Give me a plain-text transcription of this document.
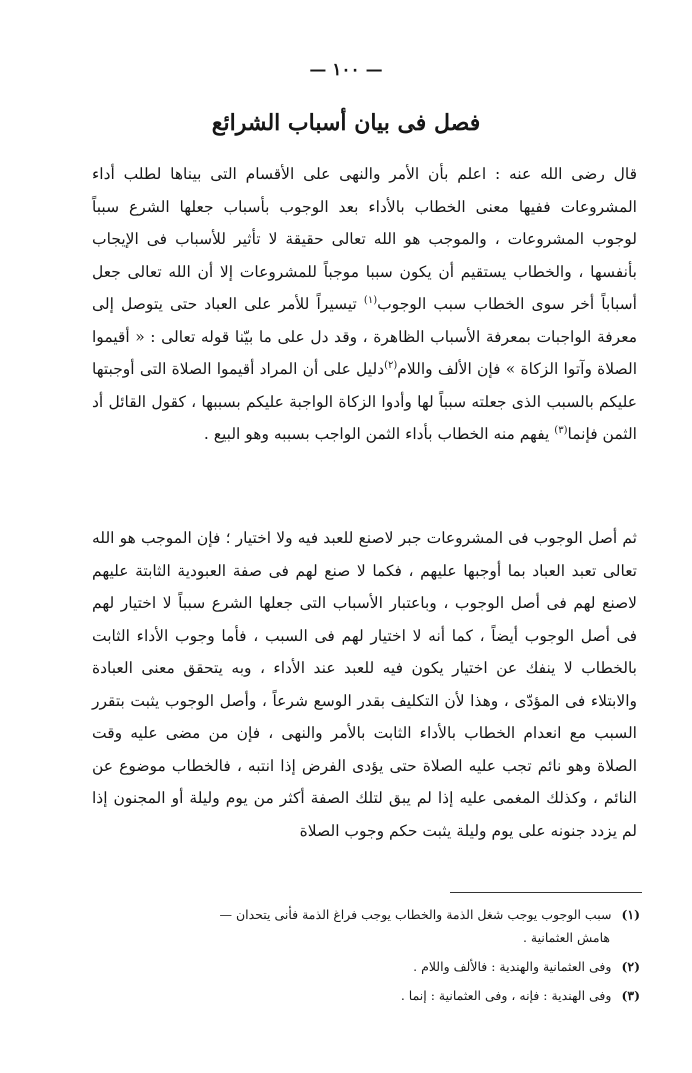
— ١٠٠ —
فصل فى بيان أسباب الشرائع
قال رضى الله عنه : اعلم بأن الأمر والنهى على الأقسام التى بيناها لطلب أداء المشروعات ففيها معنى الخطاب بالأداء بعد الوجوب بأسباب جعلها الشرع سبباً لوجوب المشروعات ، والموجب هو الله تعالى حقيقة لا تأثير للأسباب فى الإيجاب بأنفسها ، والخطاب يستقيم أن يكون سببا موجباً للمشروعات إلا أن الله تعالى جعل أسباباً أخر سوى الخطاب سبب الوجوب$^{(١)}$ تيسيراً للأمر على العباد حتى يتوصل إلى معرفة الواجبات بمعرفة الأسباب الظاهرة ، وقد دل على ما بيّنا قوله تعالى : « أقيموا الصلاة وآتوا الزكاة » فإن الألف واللام$^{(٢)}$دليل على أن المراد أقيموا الصلاة التى أوجبتها عليكم بالسبب الذى جعلته سبباً لها وأدوا الزكاة الواجبة عليكم بسببها ، كقول القائل أد الثمن فإنما$^{(٣)}$ يفهم منه الخطاب بأداء الثمن الواجب بسببه وهو البيع .
ثم أصل الوجوب فى المشروعات جبر لاصنع للعبد فيه ولا اختيار ؛ فإن الموجب هو الله تعالى تعبد العباد بما أوجبها عليهم ، فكما لا صنع لهم فى صفة العبودية الثابتة عليهم لاصنع لهم فى أصل الوجوب ، وباعتبار الأسباب التى جعلها الشرع سبباً لا اختيار لهم فى أصل الوجوب أيضاً ، كما أنه لا اختيار لهم فى السبب ، فأما وجوب الأداء الثابت بالخطاب لا ينفك عن اختيار يكون فيه للعبد عند الأداء ، وبه يتحقق معنى العبادة والابتلاء فى المؤدّى ، وهذا لأن التكليف بقدر الوسع شرعاً ، وأصل الوجوب يثبت بتقرر السبب مع انعدام الخطاب بالأداء الثابت بالأمر والنهى ، فإن من مضى عليه وقت الصلاة وهو نائم تجب عليه الصلاة حتى يؤدى الفرض إذا انتبه ، فالخطاب موضوع عن النائم ، وكذلك المغمى عليه إذا لم يبق لتلك الصفة أكثر من يوم وليلة أو المجنون إذا لم يزدد جنونه على يوم وليلة يثبت حكم وجوب الصلاة
(١) سبب الوجوب يوجب شغل الذمة والخطاب يوجب فراغ الذمة فأنى يتحدان —
هامش العثمانية .
(٢) وفى العثمانية والهندية : فالألف واللام .
(٣) وفى الهندية : فإنه ، وفى العثمانية : إنما .
